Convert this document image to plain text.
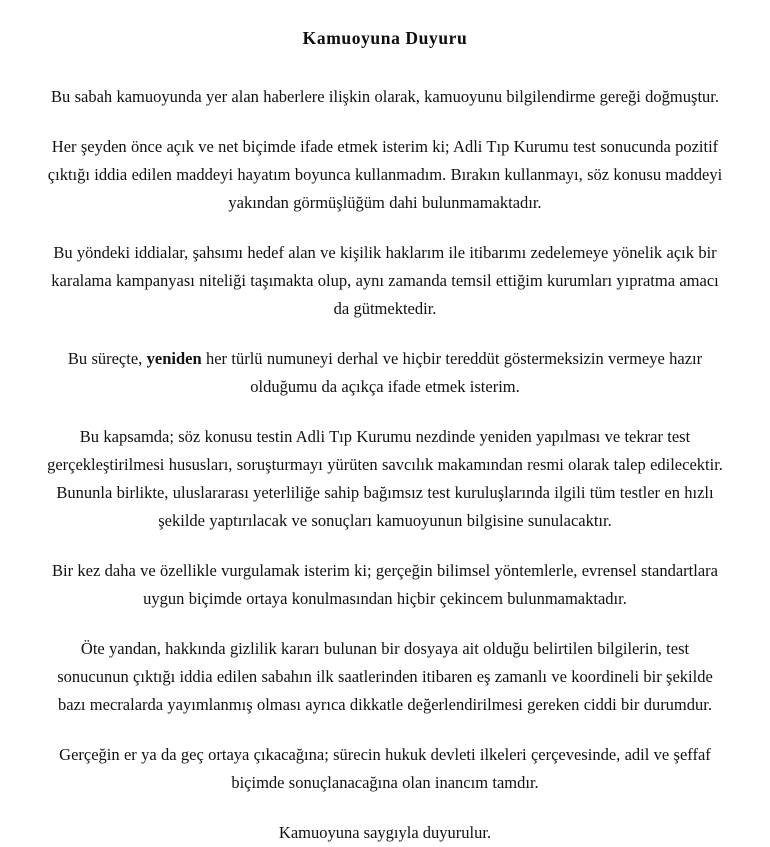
Kamuoyuna Duyuru

Bu sabah kamuoyunda yer alan haberlere ilişkin olarak, kamuoyunu bilgilendirme gereği doğmuştur.

Her şeyden önce açık ve net biçimde ifade etmek isterim ki; Adli Tıp Kurumu test sonucunda pozitif çıktığı iddia edilen maddeyi hayatım boyunca kullanmadım. Bırakın kullanmayı, söz konusu maddeyi yakından görmüşlüğüm dahi bulunmamaktadır.

Bu yöndeki iddialar, şahsımı hedef alan ve kişilik haklarım ile itibarımı zedelemeye yönelik açık bir karalama kampanyası niteliği taşımakta olup, aynı zamanda temsil ettiğim kurumları yıpratma amacı da gütmektedir.

Bu süreçte, yeniden her türlü numuneyi derhal ve hiçbir tereddüt göstermeksizin vermeye hazır olduğumu da açıkça ifade etmek isterim.

Bu kapsamda; söz konusu testin Adli Tıp Kurumu nezdinde yeniden yapılması ve tekrar test gerçekleştirilmesi hususları, soruşturmayı yürüten savcılık makamından resmi olarak talep edilecektir.

Bununla birlikte, uluslararası yeterliliğe sahip bağımsız test kuruluşlarında ilgili tüm testler en hızlı şekilde yaptırılacak ve sonuçları kamuoyunun bilgisine sunulacaktır.

Bir kez daha ve özellikle vurgulamak isterim ki; gerçeğin bilimsel yöntemlerle, evrensel standartlara uygun biçimde ortaya konulmasından hiçbir çekincem bulunmamaktadır.

Öte yandan, hakkında gizlilik kararı bulunan bir dosyaya ait olduğu belirtilen bilgilerin, test sonucunun çıktığı iddia edilen sabahın ilk saatlerinden itibaren eş zamanlı ve koordineli bir şekilde bazı mecralarda yayımlanmış olması ayrıca dikkatle değerlendirilmesi gereken ciddi bir durumdur.

Gerçeğin er ya da geç ortaya çıkacağına; sürecin hukuk devleti ilkeleri çerçevesinde, adil ve şeffaf biçimde sonuçlanacağına olan inancım tamdır.

Kamuoyuna saygıyla duyurulur.
